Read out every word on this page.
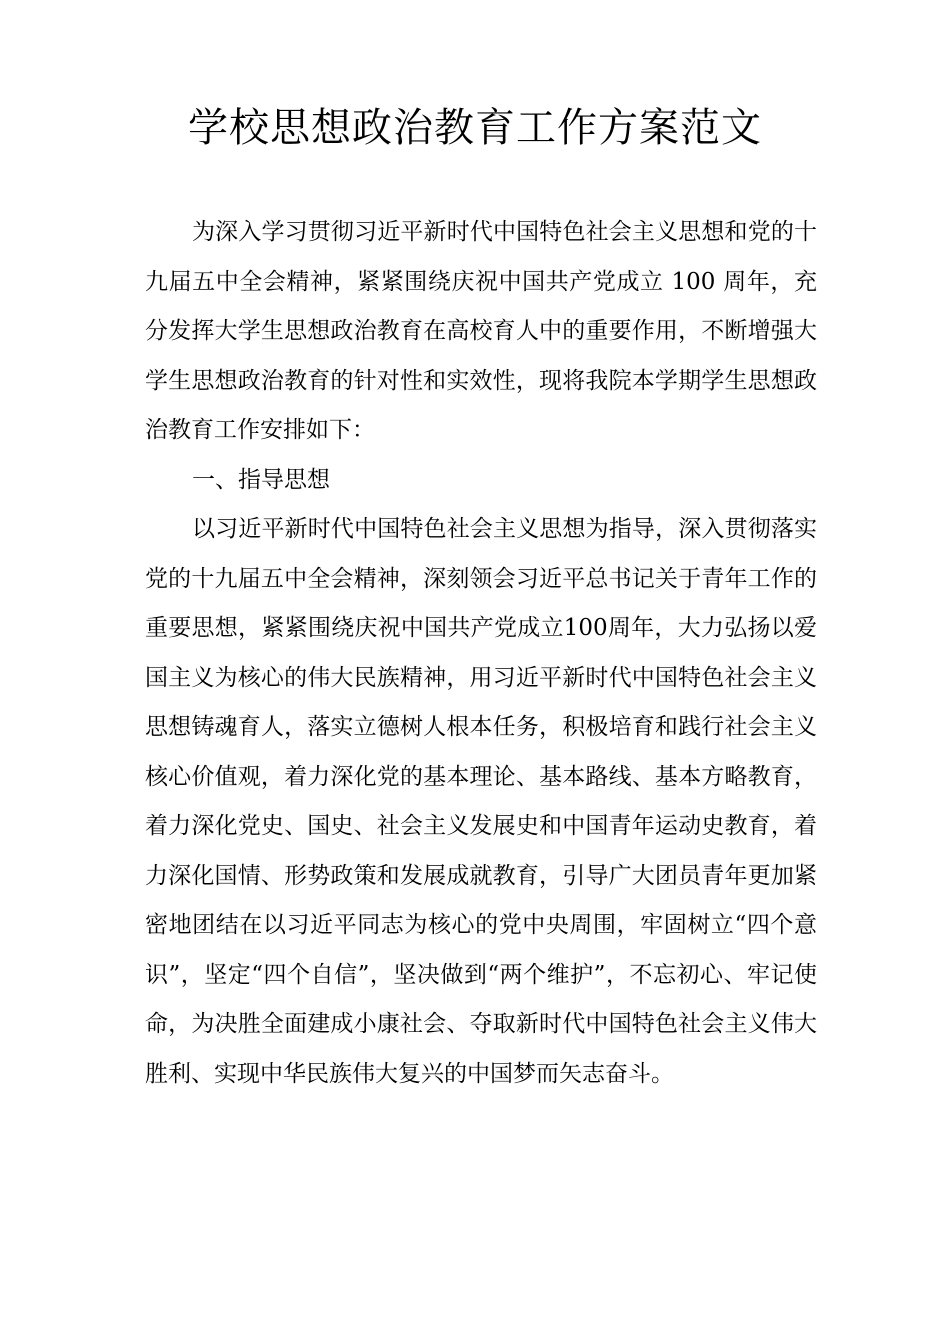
学校思想政治教育工作方案范文

为深入学习贯彻习近平新时代中国特色社会主义思想和党的十九届五中全会精神，紧紧围绕庆祝中国共产党成立 100 周年，充分发挥大学生思想政治教育在高校育人中的重要作用，不断增强大学生思想政治教育的针对性和实效性，现将我院本学期学生思想政治教育工作安排如下：

一、指导思想

以习近平新时代中国特色社会主义思想为指导，深入贯彻落实党的十九届五中全会精神，深刻领会习近平总书记关于青年工作的重要思想，紧紧围绕庆祝中国共产党成立100周年，大力弘扬以爱国主义为核心的伟大民族精神，用习近平新时代中国特色社会主义思想铸魂育人，落实立德树人根本任务，积极培育和践行社会主义核心价值观，着力深化党的基本理论、基本路线、基本方略教育，着力深化党史、国史、社会主义发展史和中国青年运动史教育，着力深化国情、形势政策和发展成就教育，引导广大团员青年更加紧密地团结在以习近平同志为核心的党中央周围，牢固树立“四个意识”，坚定“四个自信”，坚决做到“两个维护”，不忘初心、牢记使命，为决胜全面建成小康社会、夺取新时代中国特色社会主义伟大胜利、实现中华民族伟大复兴的中国梦而矢志奋斗。
